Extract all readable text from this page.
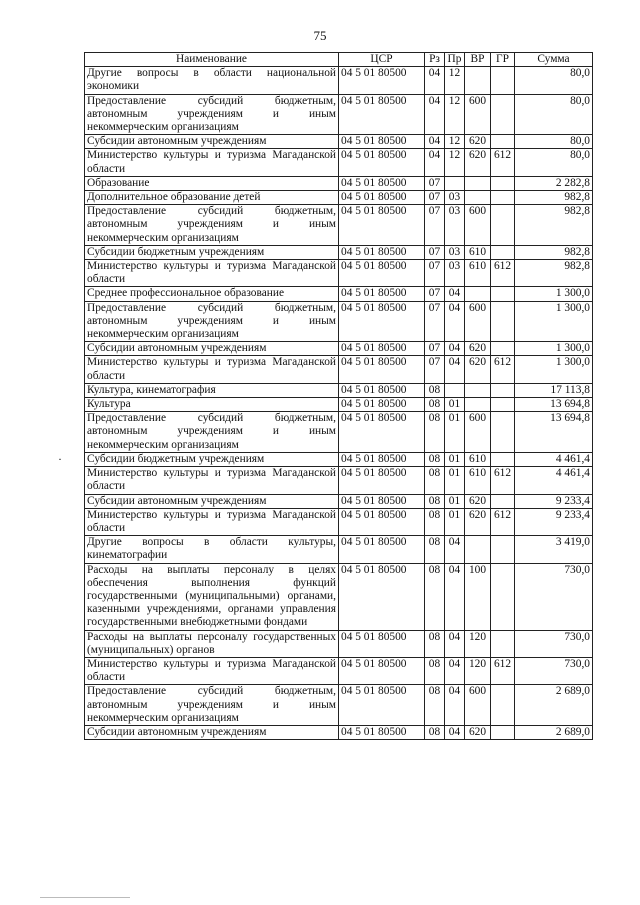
75
Наименование	ЦСР	Рз	Пр	ВР	ГР	Сумма
Другие вопросы в области национальной экономики	04 5 01 80500	04	12			80,0
Предоставление субсидий бюджетным, автономным учреждениям и иным некоммерческим организациям	04 5 01 80500	04	12	600		80,0
Субсидии автономным учреждениям	04 5 01 80500	04	12	620		80,0
Министерство культуры и туризма Магаданской области	04 5 01 80500	04	12	620	612	80,0
Образование	04 5 01 80500	07				2 282,8
Дополнительное образование детей	04 5 01 80500	07	03			982,8
Предоставление субсидий бюджетным, автономным учреждениям и иным некоммерческим организациям	04 5 01 80500	07	03	600		982,8
Субсидии бюджетным учреждениям	04 5 01 80500	07	03	610		982,8
Министерство культуры и туризма Магаданской области	04 5 01 80500	07	03	610	612	982,8
Среднее профессиональное образование	04 5 01 80500	07	04			1 300,0
Предоставление субсидий бюджетным, автономным учреждениям и иным некоммерческим организациям	04 5 01 80500	07	04	600		1 300,0
Субсидии автономным учреждениям	04 5 01 80500	07	04	620		1 300,0
Министерство культуры и туризма Магаданской области	04 5 01 80500	07	04	620	612	1 300,0
Культура, кинематография	04 5 01 80500	08				17 113,8
Культура	04 5 01 80500	08	01			13 694,8
Предоставление субсидий бюджетным, автономным учреждениям и иным некоммерческим организациям	04 5 01 80500	08	01	600		13 694,8
Субсидии бюджетным учреждениям	04 5 01 80500	08	01	610		4 461,4
Министерство культуры и туризма Магаданской области	04 5 01 80500	08	01	610	612	4 461,4
Субсидии автономным учреждениям	04 5 01 80500	08	01	620		9 233,4
Министерство культуры и туризма Магаданской области	04 5 01 80500	08	01	620	612	9 233,4
Другие вопросы в области культуры, кинематографии	04 5 01 80500	08	04			3 419,0
Расходы на выплаты персоналу в целях обеспечения выполнения функций государственными (муниципальными) органами, казенными учреждениями, органами управления государственными внебюджетными фондами	04 5 01 80500	08	04	100		730,0
Расходы на выплаты персоналу государственных (муниципальных) органов	04 5 01 80500	08	04	120		730,0
Министерство культуры и туризма Магаданской области	04 5 01 80500	08	04	120	612	730,0
Предоставление субсидий бюджетным, автономным учреждениям и иным некоммерческим организациям	04 5 01 80500	08	04	600		2 689,0
Субсидии автономным учреждениям	04 5 01 80500	08	04	620		2 689,0
·
